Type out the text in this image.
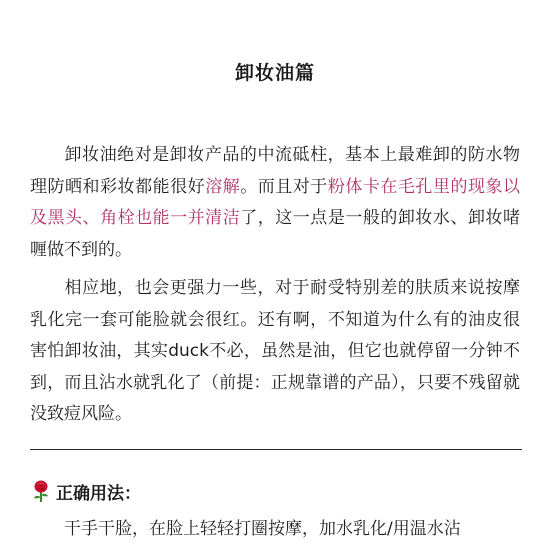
卸妆油篇
卸妆油绝对是卸妆产品的中流砥柱，基本上最难卸的防水物理防晒和彩妆都能很好溶解。而且对于粉体卡在毛孔里的现象以及黑头、角栓也能一并清洁了，这一点是一般的卸妆水、卸妆啫喱做不到的。
相应地，也会更强力一些，对于耐受特别差的肤质来说按摩乳化完一套可能脸就会很红。还有啊，不知道为什么有的油皮很害怕卸妆油，其实duck不必，虽然是油，但它也就停留一分钟不到，而且沾水就乳化了（前提：正规靠谱的产品），只要不残留就没致痘风险。
正确用法：
干手干脸，在脸上轻轻打圈按摩，加水乳化/用温水沾
